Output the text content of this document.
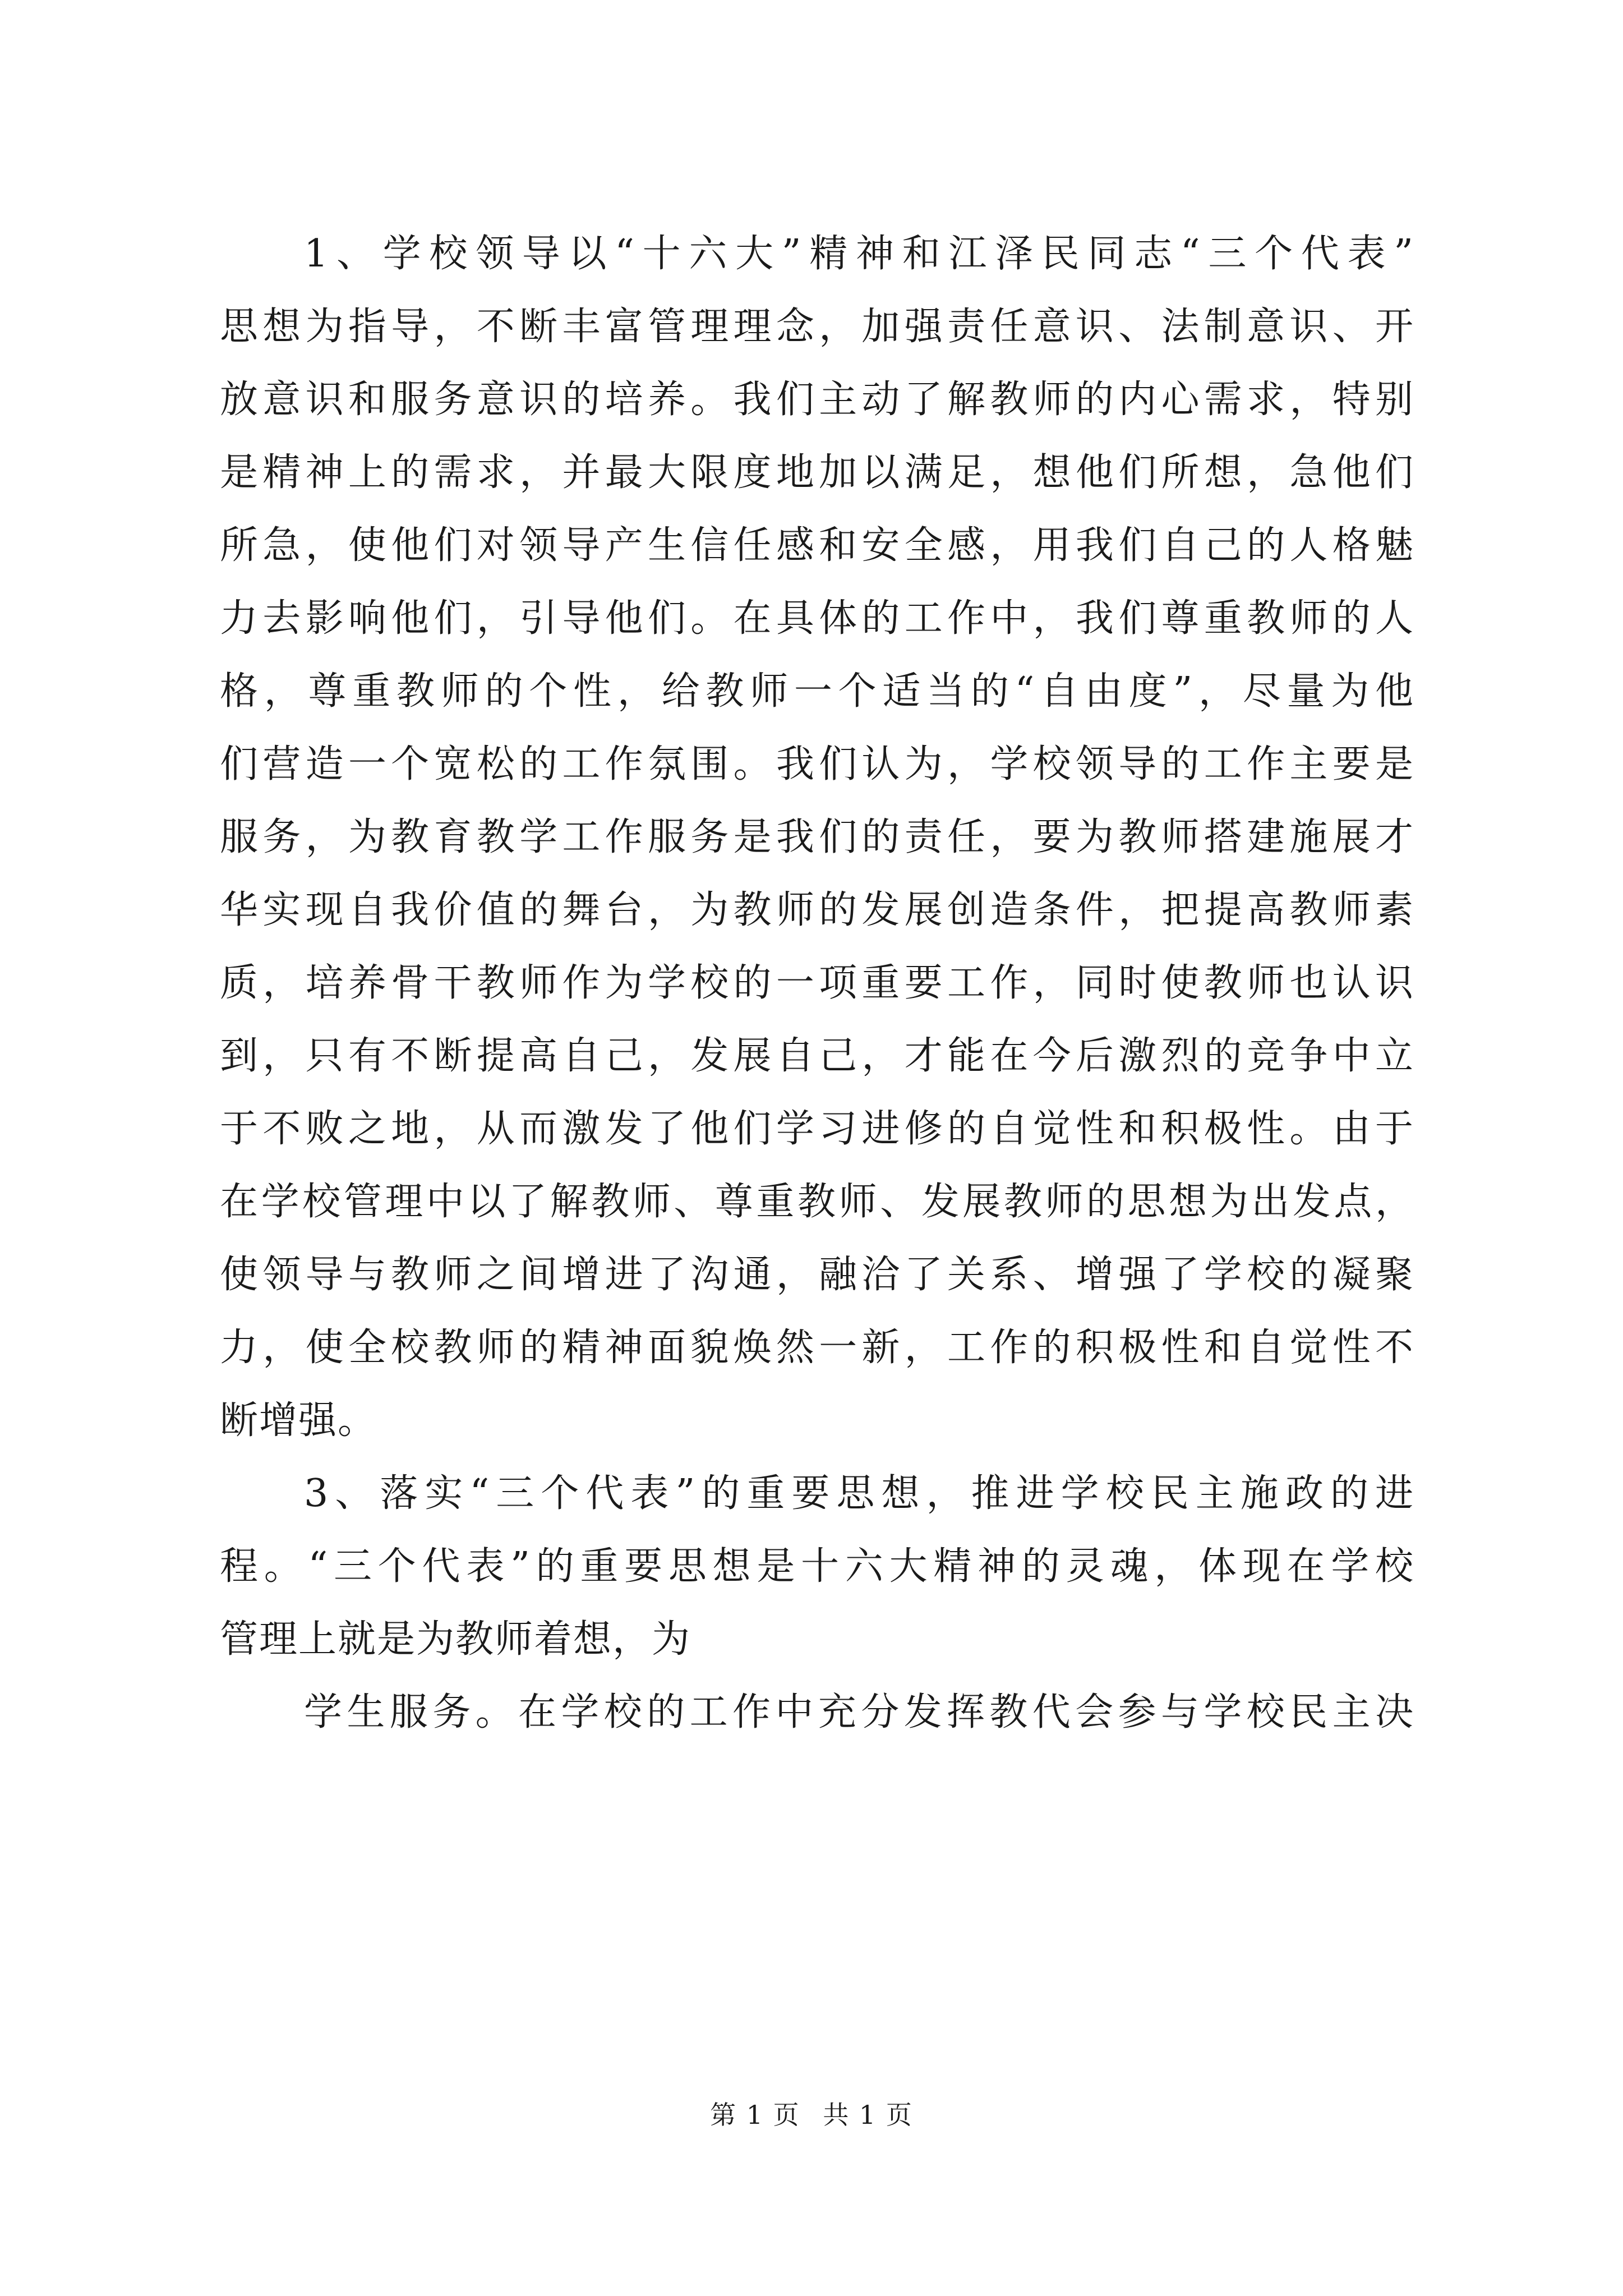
1、学校领导以“十六大”精神和江泽民同志“三个代表”
思想为指导，不断丰富管理理念，加强责任意识、法制意识、开
放意识和服务意识的培养。我们主动了解教师的内心需求，特别
是精神上的需求，并最大限度地加以满足，想他们所想，急他们
所急，使他们对领导产生信任感和安全感，用我们自己的人格魅
力去影响他们，引导他们。在具体的工作中，我们尊重教师的人
格，尊重教师的个性，给教师一个适当的“自由度”，尽量为他
们营造一个宽松的工作氛围。我们认为，学校领导的工作主要是
服务，为教育教学工作服务是我们的责任，要为教师搭建施展才
华实现自我价值的舞台，为教师的发展创造条件，把提高教师素
质，培养骨干教师作为学校的一项重要工作，同时使教师也认识
到，只有不断提高自己，发展自己，才能在今后激烈的竞争中立
于不败之地，从而激发了他们学习进修的自觉性和积极性。由于
在学校管理中以了解教师、尊重教师、发展教师的思想为出发点，
使领导与教师之间增进了沟通，融洽了关系、增强了学校的凝聚
力，使全校教师的精神面貌焕然一新，工作的积极性和自觉性不
断增强。
3、落实“三个代表”的重要思想，推进学校民主施政的进
程。“三个代表”的重要思想是十六大精神的灵魂，体现在学校
管理上就是为教师着想，为
学生服务。在学校的工作中充分发挥教代会参与学校民主决
第 1 页 共 1 页
